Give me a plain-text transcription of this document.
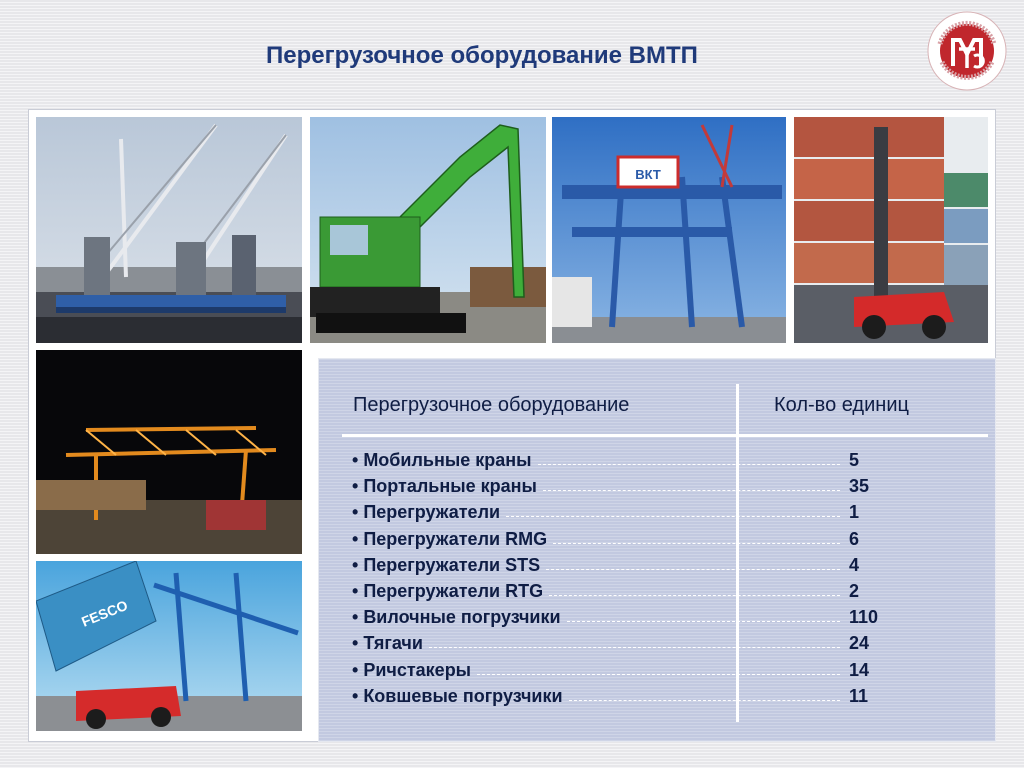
Перегрузочное оборудование ВМТП
ВКТ
FESCO
Перегрузочное оборудование	Кол-во единиц
• Мобильные краны	5
• Портальные краны	35
• Перегружатели	1
• Перегружатели RMG	6
• Перегружатели STS	4
• Перегружатели RTG	2
• Вилочные погрузчики	110
• Тягачи	24
• Ричстакеры	14
• Ковшевые погрузчики	11
